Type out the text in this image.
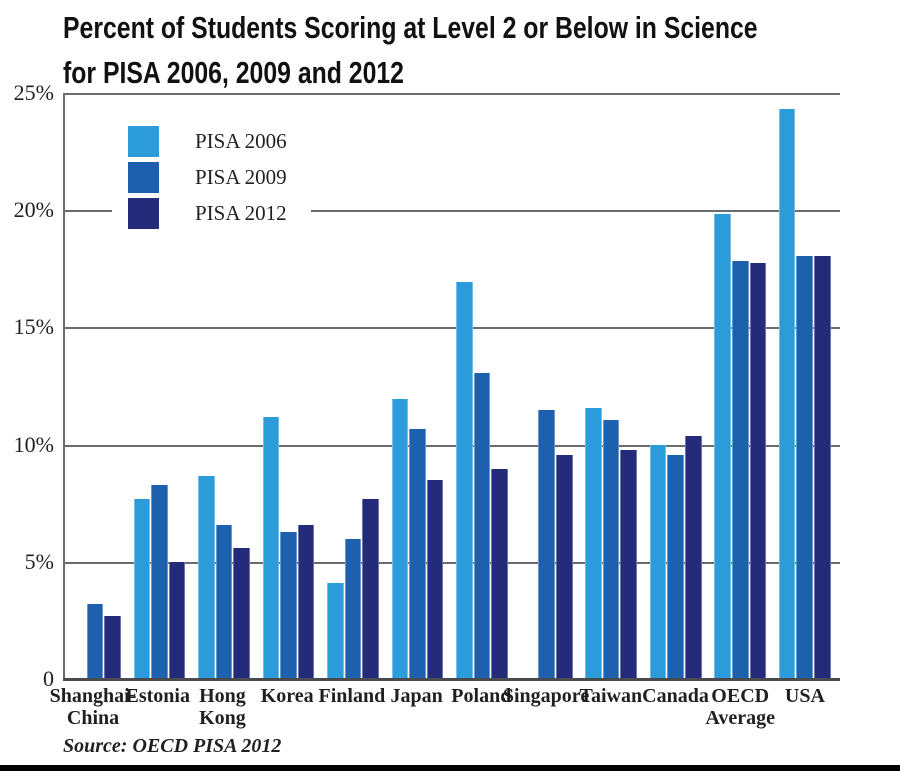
Percent of Students Scoring at Level 2 or Below in Science
for PISA 2006, 2009 and 2012
PISA 2006
PISA 2009
PISA 2012
Shanghai-
China
Estonia Hong
Kong
Korea Finland Japan Poland
Singapore
Taiwan Canada OECD
Average
USA
Source: OECD PISA 2012
25%
20%
15%
10%
5%
0
